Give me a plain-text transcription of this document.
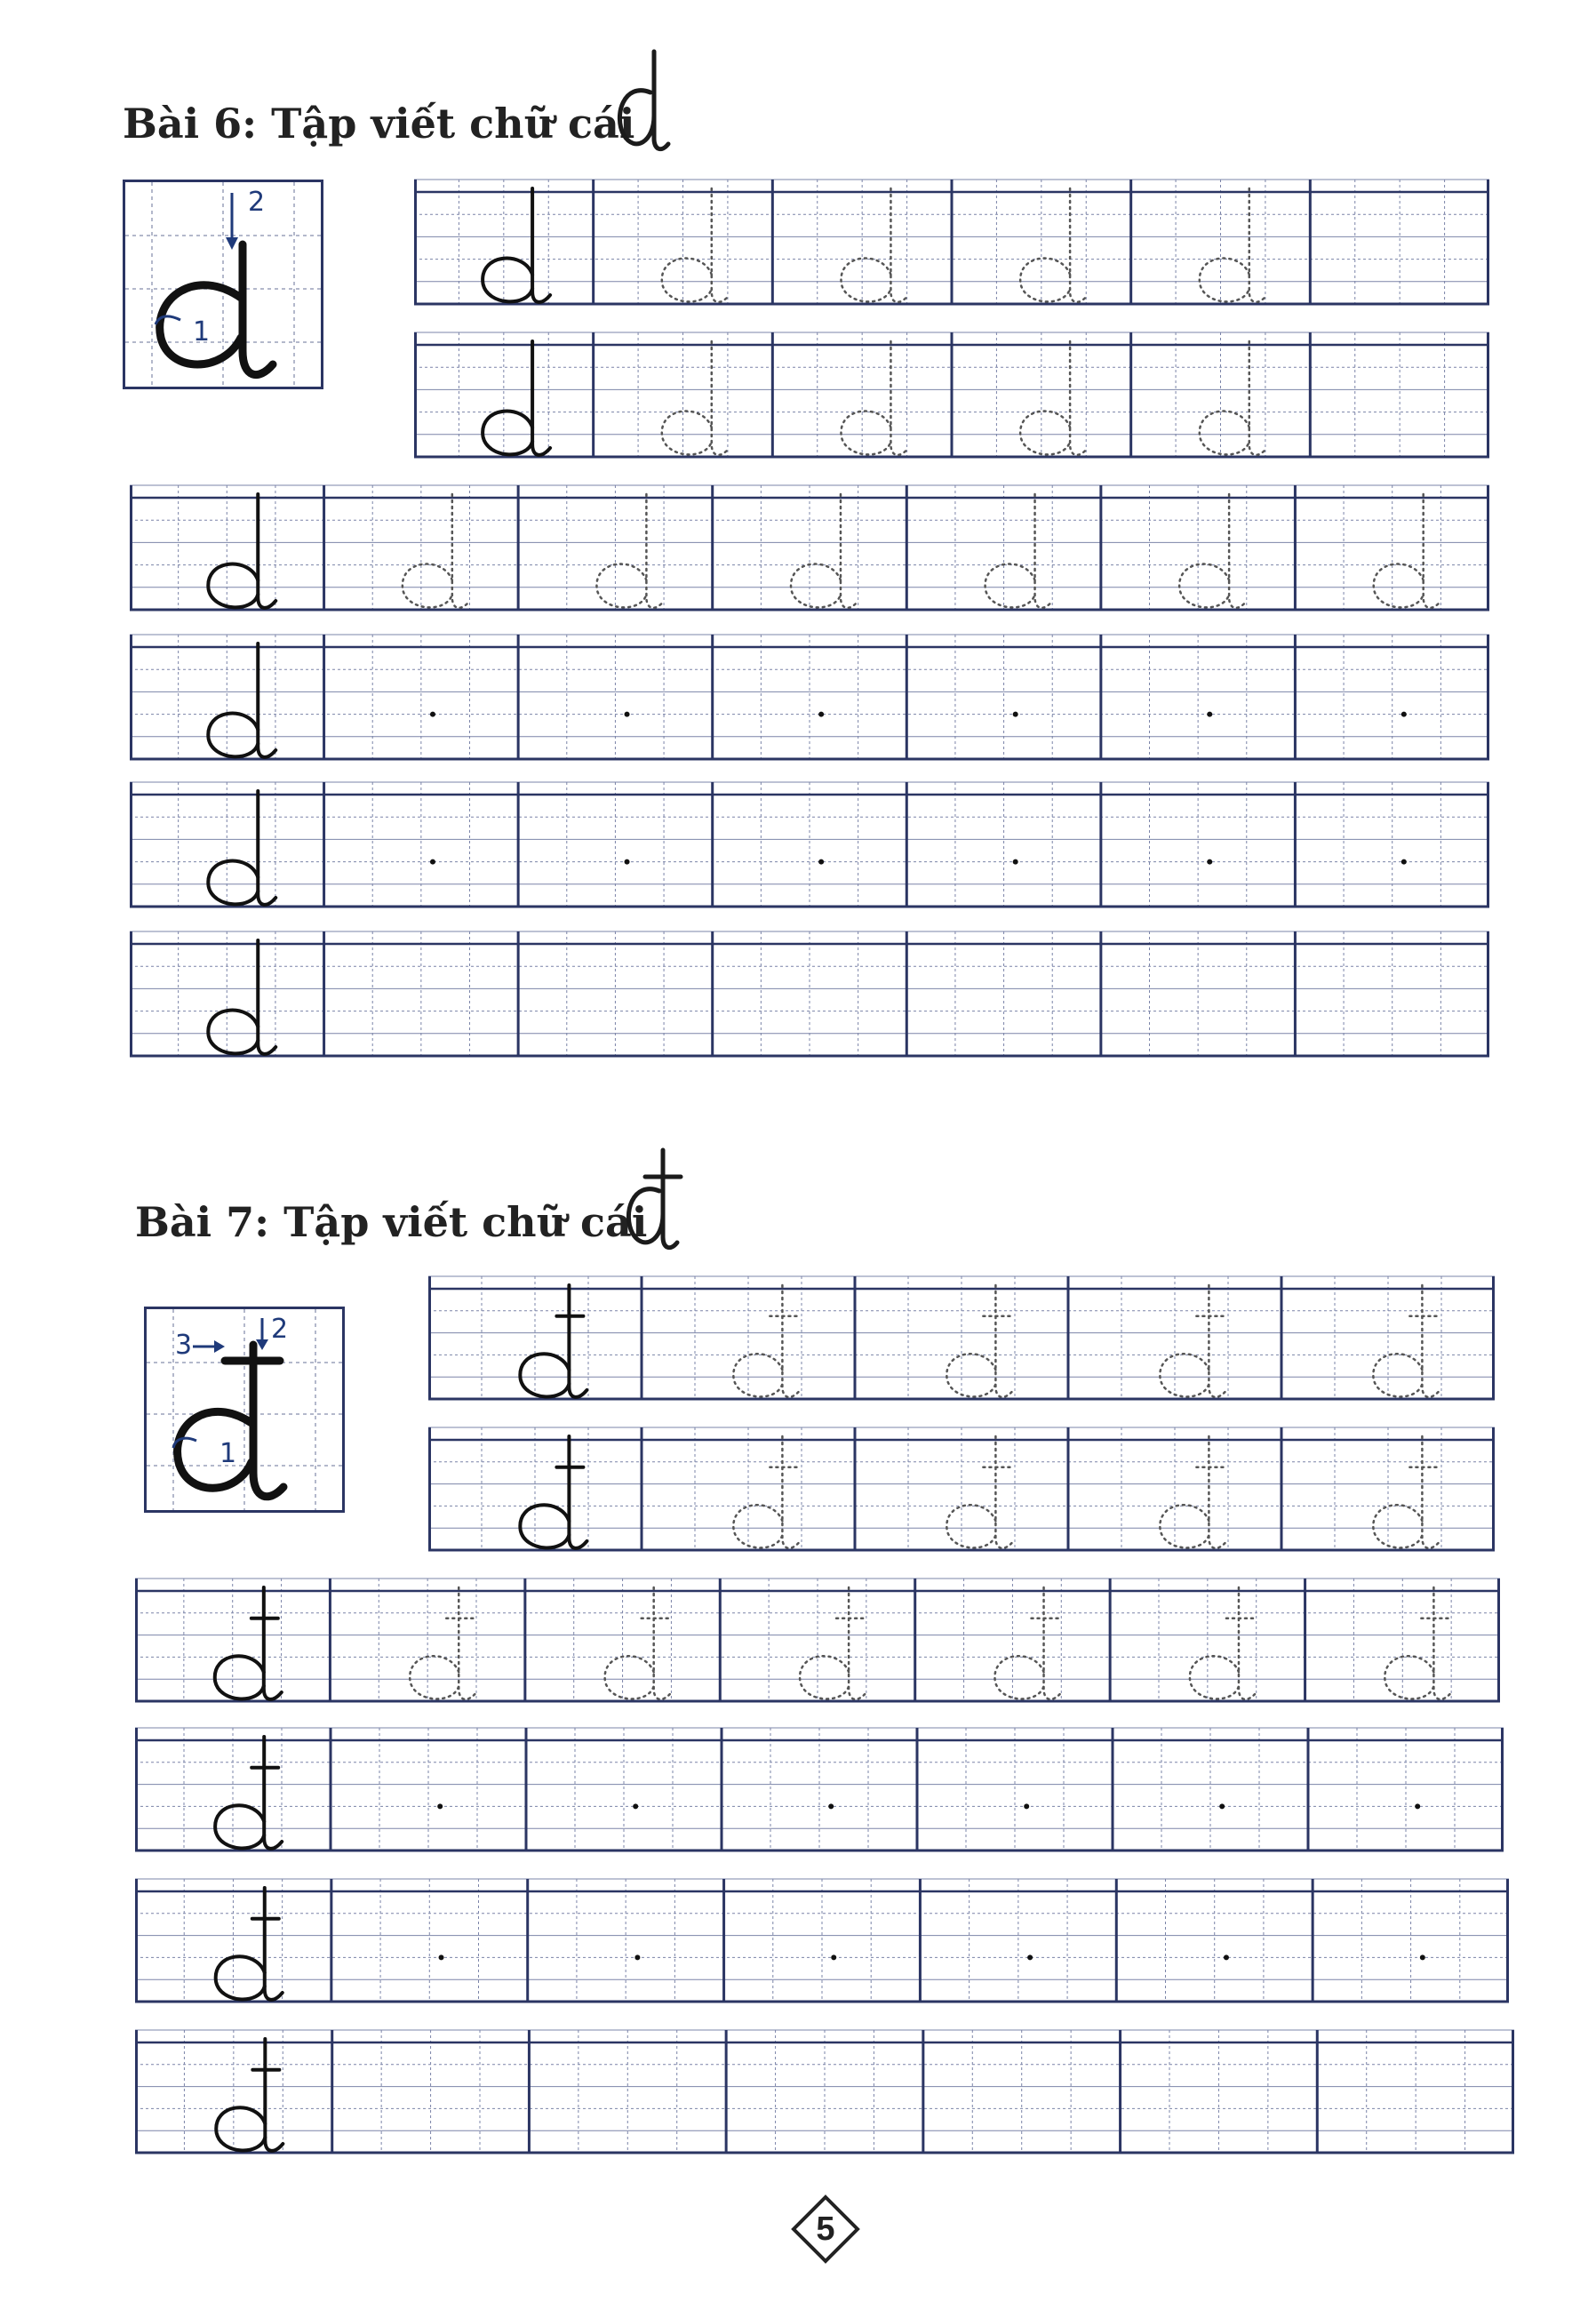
Bài 6: Tập viết chữ cái
2
1
Bài 7: Tập viết chữ cái
2
3
1
5
